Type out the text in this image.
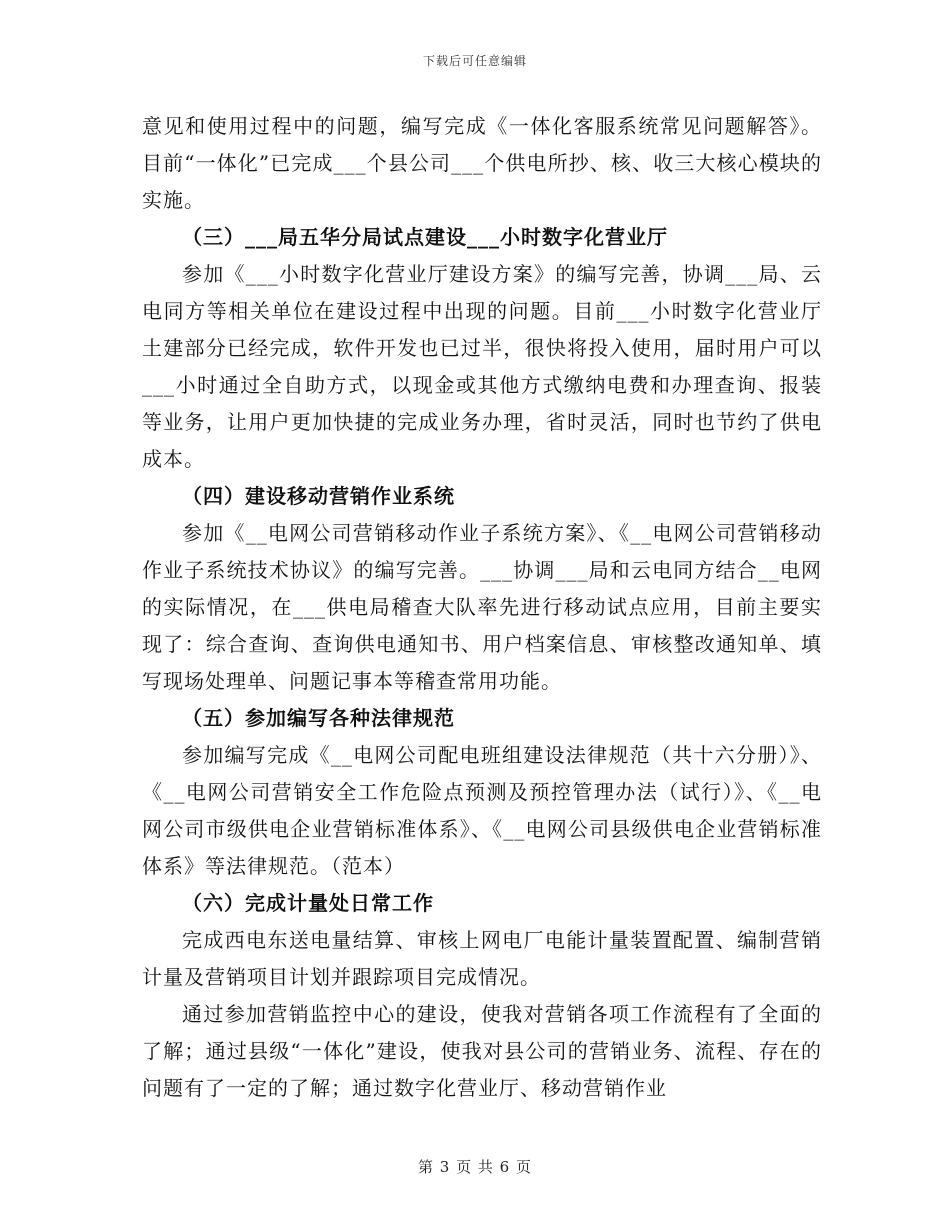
下载后可任意编辑

意见和使用过程中的问题，编写完成《一体化客服系统常见问题解答》。目前“一体化”已完成___个县公司___个供电所抄、核、收三大核心模块的实施。

（三）___局五华分局试点建设___小时数字化营业厅

参加《___小时数字化营业厅建设方案》的编写完善，协调___局、云电同方等相关单位在建设过程中出现的问题。目前___小时数字化营业厅土建部分已经完成，软件开发也已过半，很快将投入使用，届时用户可以___小时通过全自助方式，以现金或其他方式缴纳电费和办理查询、报装等业务，让用户更加快捷的完成业务办理，省时灵活，同时也节约了供电成本。

（四）建设移动营销作业系统

参加《__电网公司营销移动作业子系统方案》、《__电网公司营销移动作业子系统技术协议》的编写完善。___协调___局和云电同方结合__电网的实际情况，在___供电局稽查大队率先进行移动试点应用，目前主要实现了：综合查询、查询供电通知书、用户档案信息、审核整改通知单、填写现场处理单、问题记事本等稽查常用功能。

（五）参加编写各种法律规范

参加编写完成《__电网公司配电班组建设法律规范（共十六分册）》、《__电网公司营销安全工作危险点预测及预控管理办法（试行）》、《__电网公司市级供电企业营销标准体系》、《__电网公司县级供电企业营销标准体系》等法律规范。（范本）

（六）完成计量处日常工作

完成西电东送电量结算、审核上网电厂电能计量装置配置、编制营销计量及营销项目计划并跟踪项目完成情况。

通过参加营销监控中心的建设，使我对营销各项工作流程有了全面的了解；通过县级“一体化”建设，使我对县公司的营销业务、流程、存在的问题有了一定的了解；通过数字化营业厅、移动营销作业

第 3 页 共 6 页
